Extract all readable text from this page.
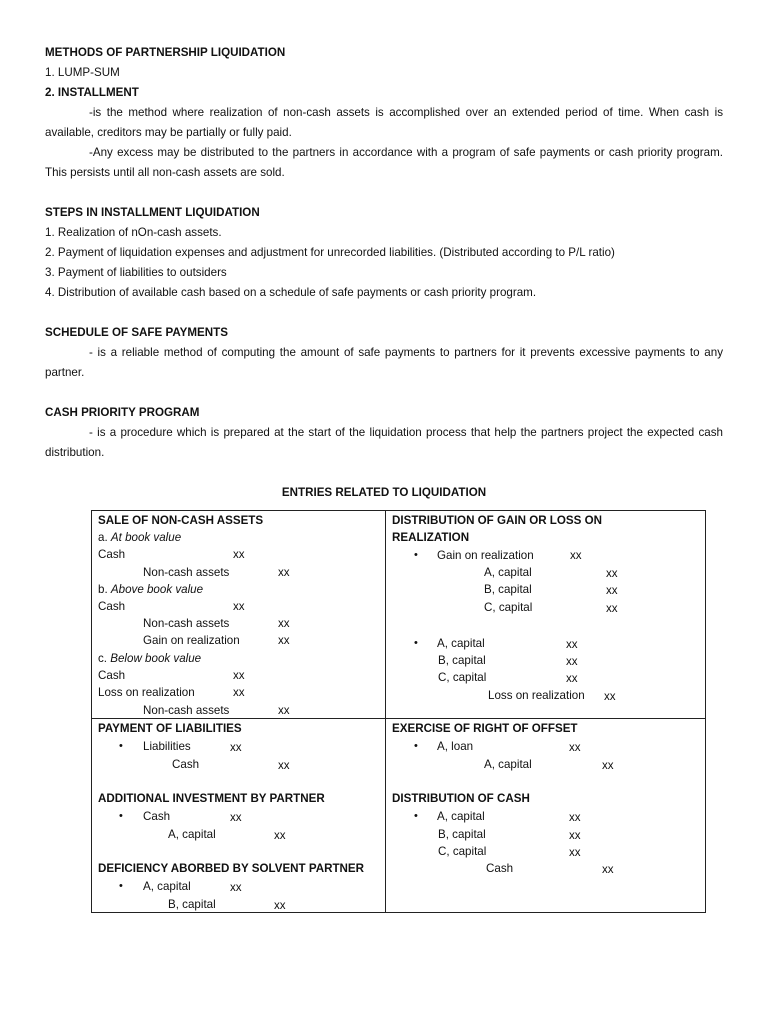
METHODS OF PARTNERSHIP LIQUIDATION
1. LUMP-SUM
2. INSTALLMENT
-is the method where realization of non-cash assets is accomplished over an extended period of time. When cash is available, creditors may be partially or fully paid.
-Any excess may be distributed to the partners in accordance with a program of safe payments or cash priority program. This persists until all non-cash assets are sold.
STEPS IN INSTALLMENT LIQUIDATION
1. Realization of nOn-cash assets.
2. Payment of liquidation expenses and adjustment for unrecorded liabilities. (Distributed according to P/L ratio)
3. Payment of liabilities to outsiders
4. Distribution of available cash based on a schedule of safe payments or cash priority program.
SCHEDULE OF SAFE PAYMENTS
- is a reliable method of computing the amount of safe payments to partners for it prevents excessive payments to any partner.
CASH PRIORITY PROGRAM
- is a procedure which is prepared at the start of the liquidation process that help the partners project the expected cash distribution.
ENTRIES RELATED TO LIQUIDATION
SALE OF NON-CASH ASSETS
a. At book value
Cash	xx
Non-cash assets	xx
b. Above book value
Cash	xx
Non-cash assets	xx
Gain on realization	xx
c. Below book value
Cash	xx
Loss on realization	xx
Non-cash assets	xx
DISTRIBUTION OF GAIN OR LOSS ON
REALIZATION
• Gain on realization	xx
A, capital	xx
B, capital	xx
C, capital	xx
• A, capital	xx
B, capital	xx
C, capital	xx
Loss on realization xx
PAYMENT OF LIABILITIES
• Liabilities	xx
Cash	xx
ADDITIONAL INVESTMENT BY PARTNER
• Cash	xx
A, capital	xx
DEFICIENCY ABORBED BY SOLVENT PARTNER
• A, capital	xx
B, capital	xx
EXERCISE OF RIGHT OF OFFSET
• A, loan	xx
A, capital	xx
DISTRIBUTION OF CASH
• A, capital	xx
B, capital	xx
C, capital	xx
Cash	xx
